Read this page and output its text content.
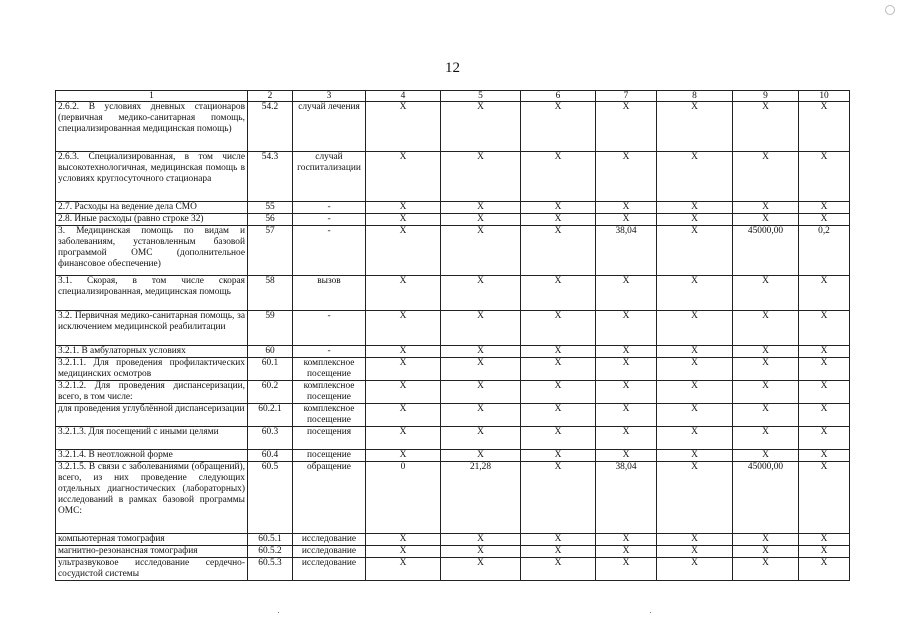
12
1	2	3	4	5	6	7	8	9	10
2.6.2. В условиях дневных стационаров (первичная медико-санитарная помощь, специализированная медицинская помощь)	54.2	случай лечения	X	X	X	X	X	X	X
2.6.3. Специализированная, в том числе высокотехнологичная, медицинская помощь в условиях круглосуточного стационара	54.3	случай госпитализации	X	X	X	X	X	X	X
2.7. Расходы на ведение дела СМО	55	-	X	X	X	X	X	X	X
2.8. Иные расходы (равно строке 32)	56	-	X	X	X	X	X	X	X
3. Медицинская помощь по видам и заболеваниям, установленным базовой программой ОМС (дополнительное финансовое обеспечение)	57	-	X	X	X	38,04	X	45000,00	0,2
3.1. Скорая, в том числе скорая специализированная, медицинская помощь	58	вызов	X	X	X	X	X	X	X
3.2. Первичная медико-санитарная помощь, за исключением медицинской реабилитации	59	-	X	X	X	X	X	X	X
3.2.1. В амбулаторных условиях	60	-	X	X	X	X	X	X	X
3.2.1.1. Для проведения профилактических медицинских осмотров	60.1	комплексное посещение	X	X	X	X	X	X	X
3.2.1.2. Для проведения диспансеризации, всего, в том числе:	60.2	комплексное посещение	X	X	X	X	X	X	X
для проведения углублённой диспансеризации	60.2.1	комплексное посещение	X	X	X	X	X	X	X
3.2.1.3. Для посещений с иными целями	60.3	посещения	X	X	X	X	X	X	X
3.2.1.4. В неотложной форме	60.4	посещение	X	X	X	X	X	X	X
3.2.1.5. В связи с заболеваниями (обращений), всего, из них проведение следующих отдельных диагностических (лабораторных) исследований в рамках базовой программы ОМС:	60.5	обращение	0	21,28	X	38,04	X	45000,00	X
компьютерная томография	60.5.1	исследование	X	X	X	X	X	X	X
магнитно-резонансная томография	60.5.2	исследование	X	X	X	X	X	X	X
ультразвуковое исследование сердечно-сосудистой системы	60.5.3	исследование	X	X	X	X	X	X	X
